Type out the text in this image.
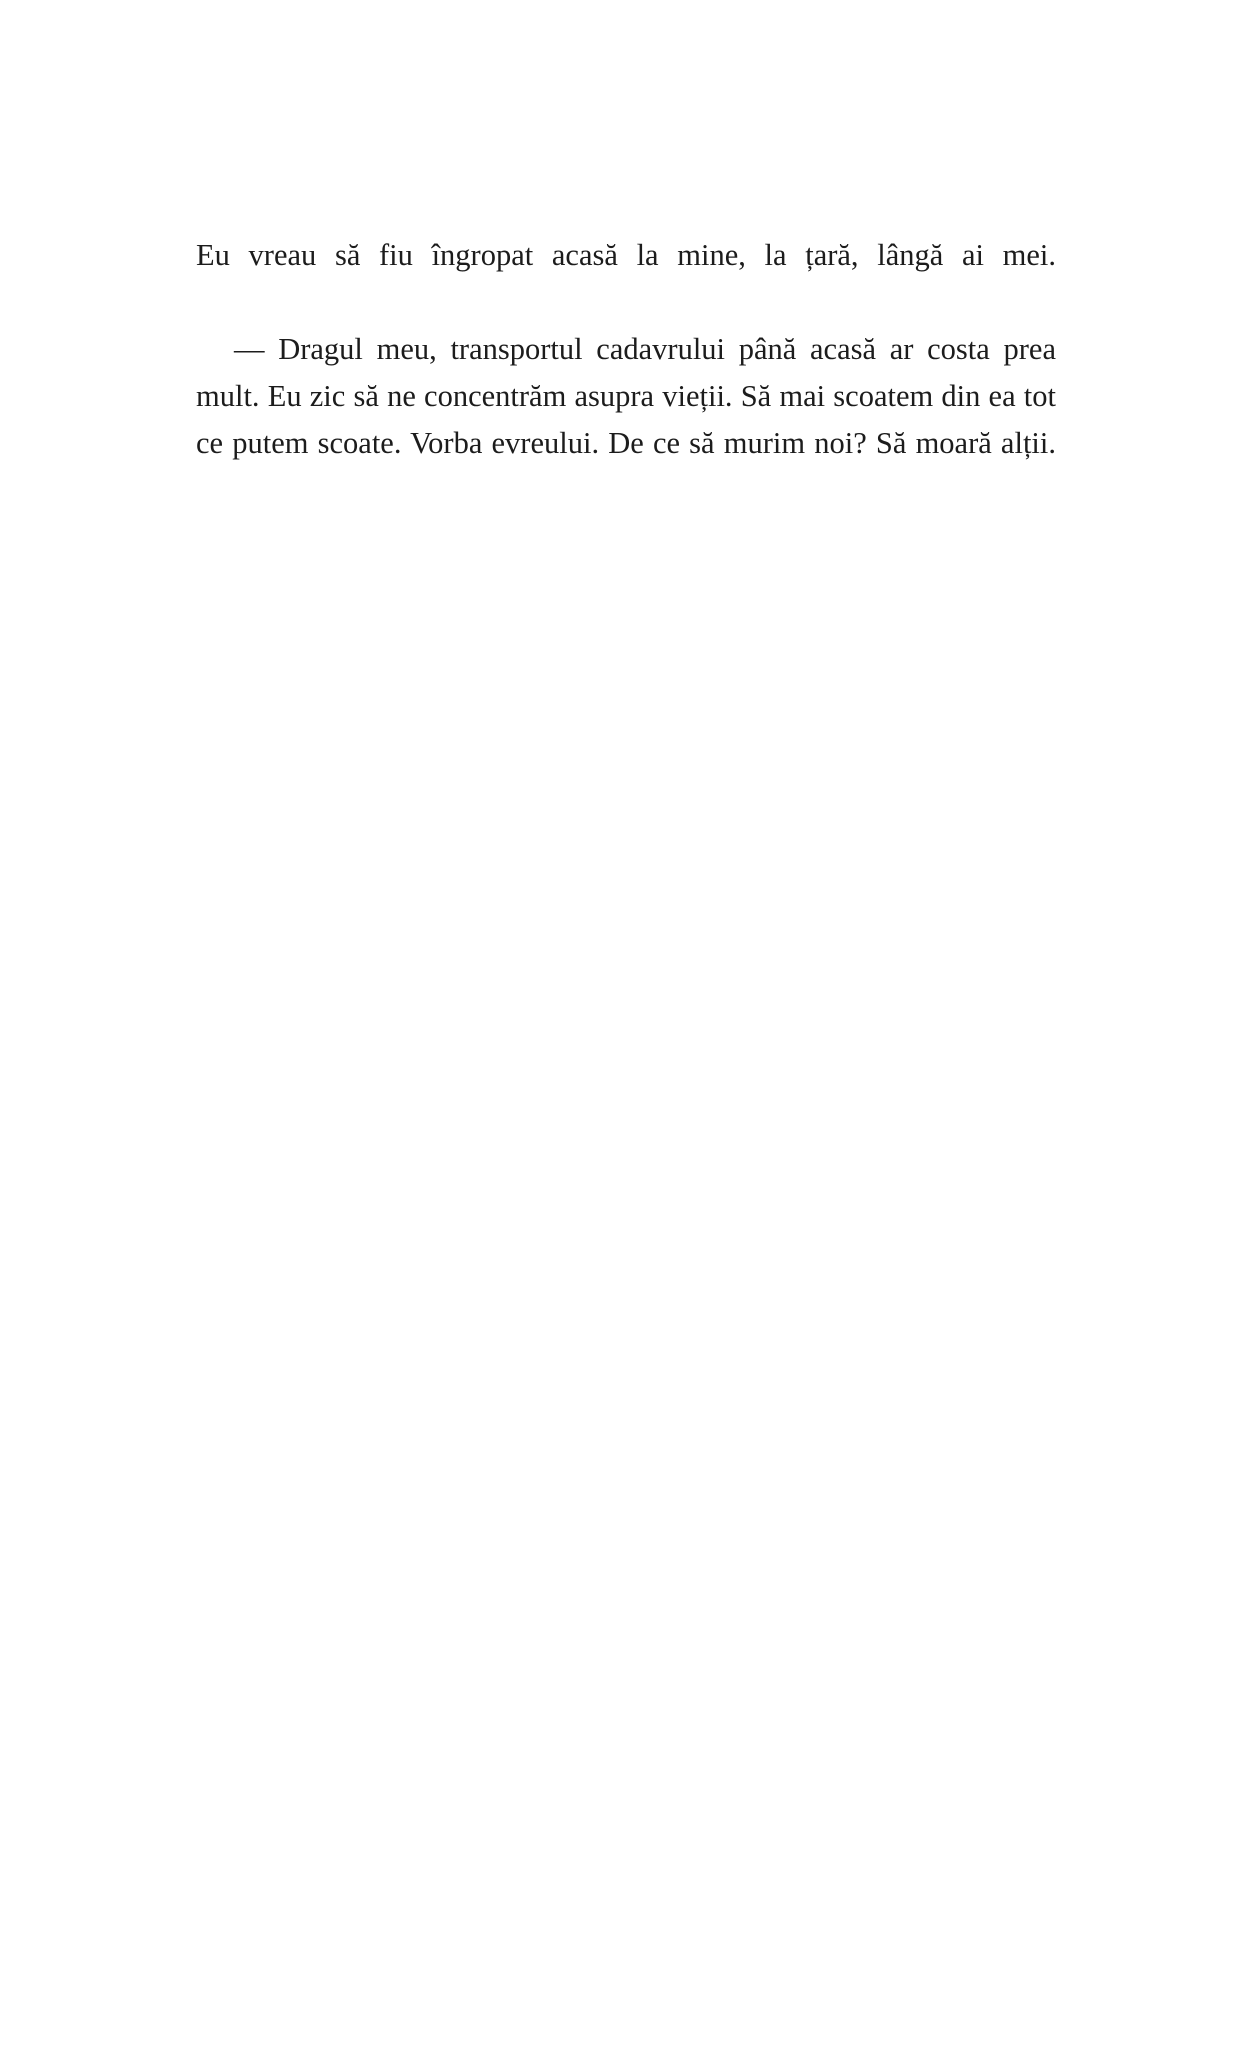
Eu vreau să fiu îngropat acasă la mine, la țară, lângă ai mei.

— Dragul meu, transportul cadavrului până acasă ar costa prea mult. Eu zic să ne concentrăm asupra vieții. Să mai scoatem din ea tot ce putem scoate. Vorba evreului. De ce să murim noi? Să moară alții.
